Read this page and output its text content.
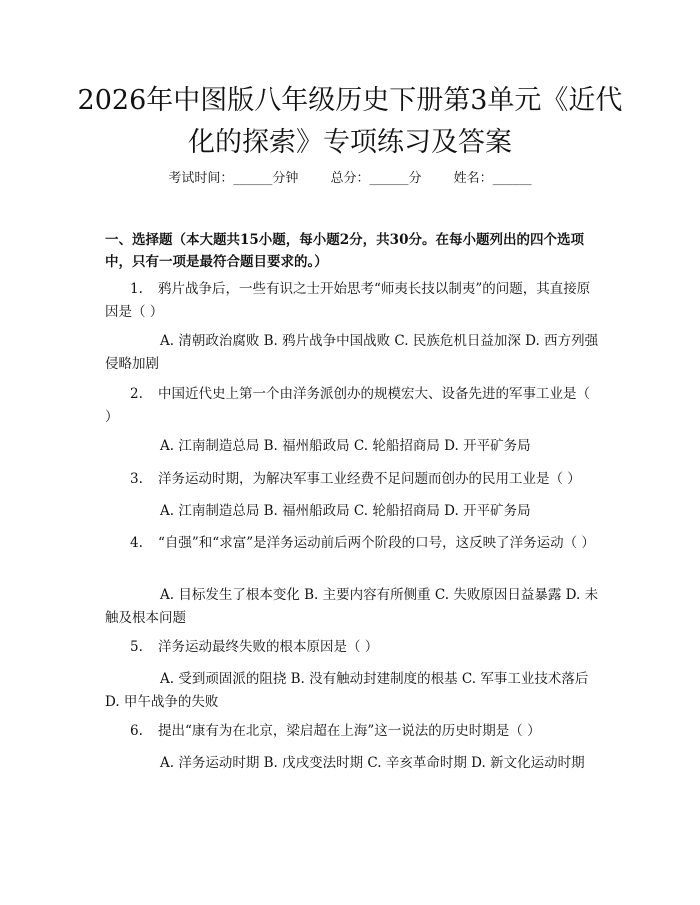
2026年中图版八年级历史下册第3单元《近代化的探索》专项练习及答案
考试时间：______分钟 总分：______分 姓名：______
一、选择题（本大题共15小题，每小题2分，共30分。在每小题列出的四个选项中，只有一项是最符合题目要求的。）
1. 鸦片战争后，一些有识之士开始思考“师夷长技以制夷”的问题，其直接原因是（ ）
A. 清朝政治腐败 B. 鸦片战争中国战败 C. 民族危机日益加深 D. 西方列强侵略加剧
2. 中国近代史上第一个由洋务派创办的规模宏大、设备先进的军事工业是（ ）
A. 江南制造总局 B. 福州船政局 C. 轮船招商局 D. 开平矿务局
3. 洋务运动时期，为解决军事工业经费不足问题而创办的民用工业是（ ）
A. 江南制造总局 B. 福州船政局 C. 轮船招商局 D. 开平矿务局
4. “自强”和“求富”是洋务运动前后两个阶段的口号，这反映了洋务运动（ ）
A. 目标发生了根本变化 B. 主要内容有所侧重 C. 失败原因日益暴露 D. 未触及根本问题
5. 洋务运动最终失败的根本原因是（ ）
A. 受到顽固派的阻挠 B. 没有触动封建制度的根基 C. 军事工业技术落后 D. 甲午战争的失败
6. 提出“康有为在北京，梁启超在上海”这一说法的历史时期是（ ）
A. 洋务运动时期 B. 戊戌变法时期 C. 辛亥革命时期 D. 新文化运动时期
